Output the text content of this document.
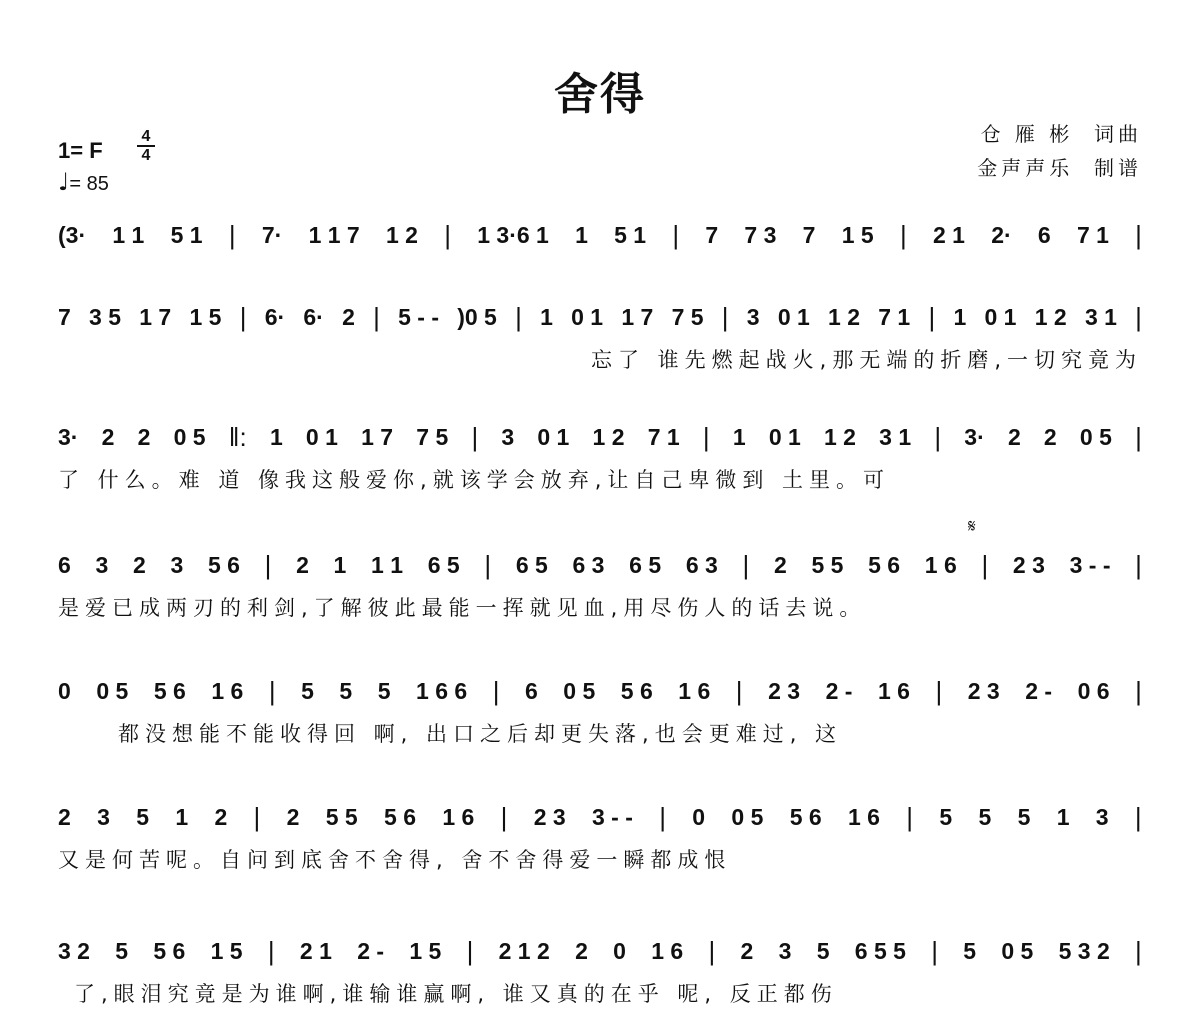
舍得
仓 雁 彬  词曲
金声声乐  制谱
1= F
4
4
♩= 85
𝄋
(3· 1 1 5 1 | 7· 1 1 7 1 2 | 1 3·6 1 1 5 1 | 7 7 3 7 1 5 | 2 1 2· 6 7 1 |
7 3 5 1 7 1 5 | 6· 6· 2 | 5 - - )0 5 | 1 0 1 1 7 7 5 | 3 0 1 1 2 7 1 | 1 0 1 1 2 3 1 |
忘了 谁先燃起战火,那无端的折磨,一切究竟为
3· 2 2 0 5 ‖: 1 0 1 1 7 7 5 | 3 0 1 1 2 7 1 | 1 0 1 1 2 3 1 | 3· 2 2 0 5 |
了 什么。难 道 像我这般爱你,就该学会放弃,让自己卑微到 土里。可
6 3 2 3 5 6 | 2 1 1 1 6 5 | 6 5 6 3 6 5 6 3 | 2 5 5 5 6 1 6 | 2 3 3 - - |
是爱已成两刃的利剑,了解彼此最能一挥就见血,用尽伤人的话去说。
0 0 5 5 6 1 6 | 5 5 5 1 6 6 | 6 0 5 5 6 1 6 | 2 3 2 - 1 6 | 2 3 2 - 0 6 |
都没想能不能收得回 啊, 出口之后却更失落,也会更难过, 这
2 3 5 1 2 | 2 5 5 5 6 1 6 | 2 3 3 - - | 0 0 5 5 6 1 6 | 5 5 5 1 3 |
又是何苦呢。自问到底舍不舍得, 舍不舍得爱一瞬都成恨
3 2 5 5 6 1 5 | 2 1 2 - 1 5 | 2 1 2 2 0 1 6 | 2 3 5 6 5 5 | 5 0 5 5 3 2 |
了,眼泪究竟是为谁啊,谁输谁赢啊, 谁又真的在乎 呢, 反正都伤
